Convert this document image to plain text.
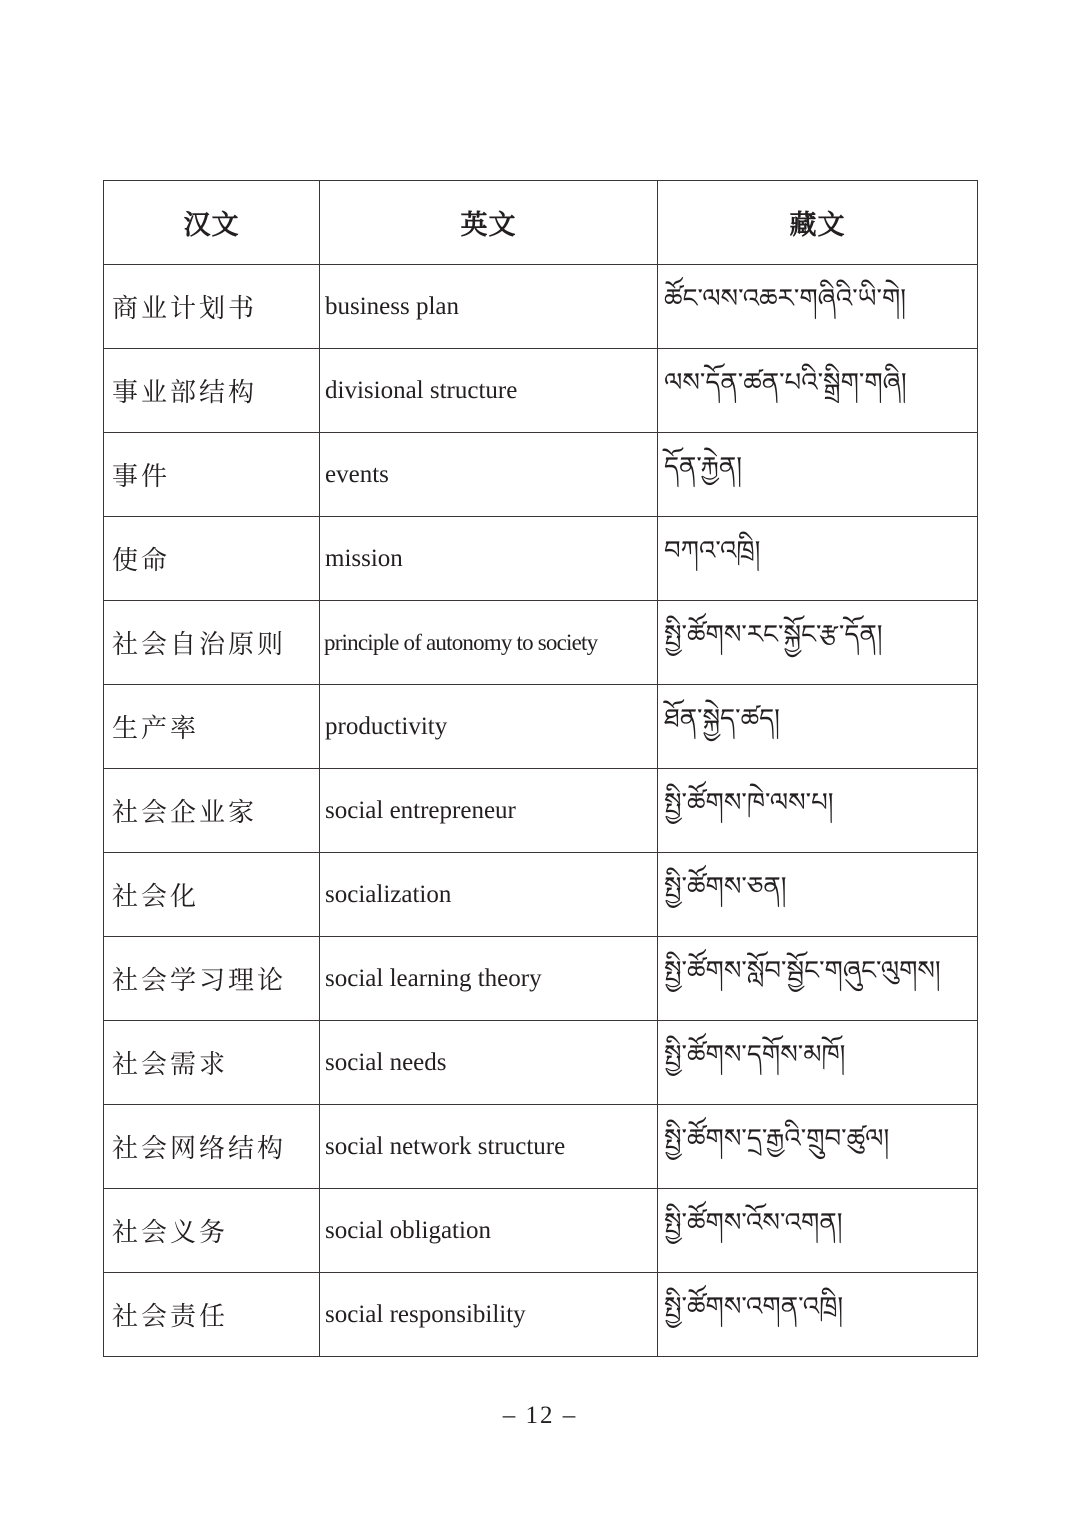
汉文	英文	藏文
商业计划书	business plan	ཚོང་ལས་འཆར་གཞིའི་ཡི་གེ།
事业部结构	divisional structure	ལས་དོན་ཚན་པའི་སྒྲིག་གཞི།
事件	events	དོན་རྐྱེན།
使命	mission	བཀའ་འཁྲི།
社会自治原则	principle of autonomy to society	སྤྱི་ཚོགས་རང་སྐྱོང་རྩ་དོན།
生产率	productivity	ཐོན་སྐྱེད་ཚད།
社会企业家	social entrepreneur	སྤྱི་ཚོགས་ཁེ་ལས་པ།
社会化	socialization	སྤྱི་ཚོགས་ཅན།
社会学习理论	social learning theory	སྤྱི་ཚོགས་སློབ་སྦྱོང་གཞུང་ལུགས།
社会需求	social needs	སྤྱི་ཚོགས་དགོས་མཁོ།
社会网络结构	social network structure	སྤྱི་ཚོགས་དྲ་རྒྱའི་གྲུབ་ཚུལ།
社会义务	social obligation	སྤྱི་ཚོགས་འོས་འགན།
社会责任	social responsibility	སྤྱི་ཚོགས་འགན་འཁྲི།
– 12 –
